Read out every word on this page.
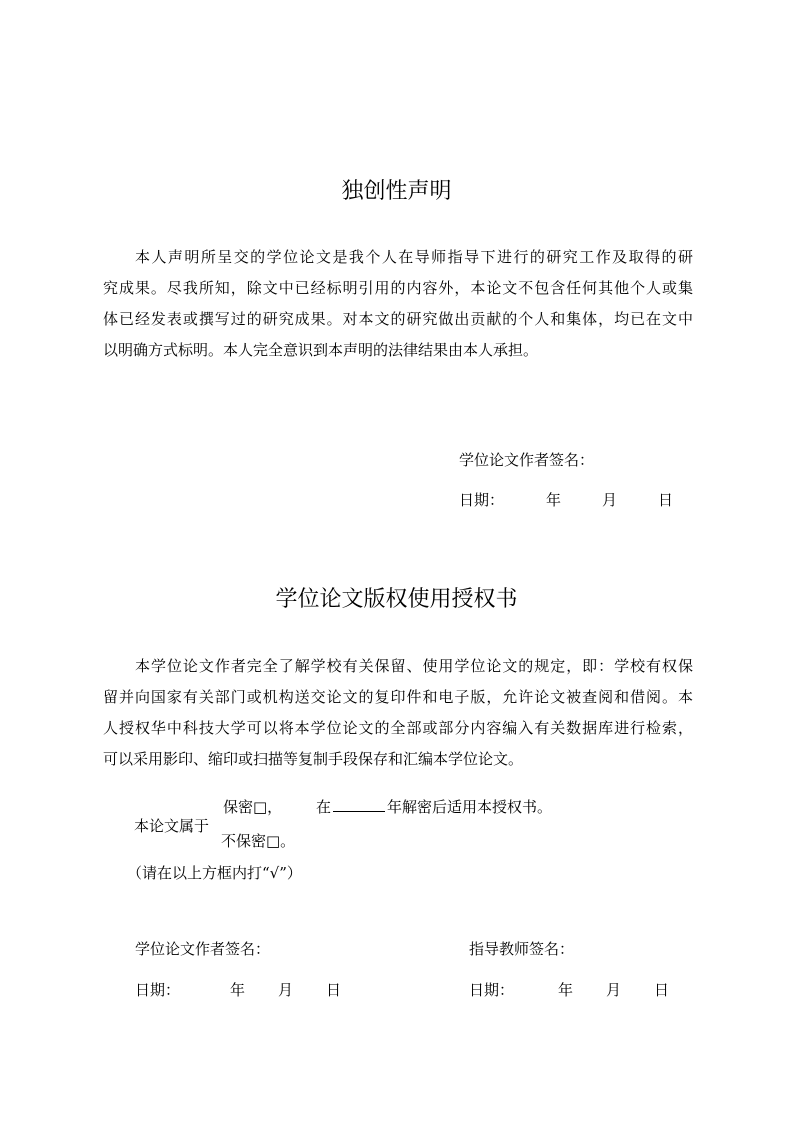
独创性声明
本人声明所呈交的学位论文是我个人在导师指导下进行的研究工作及取得的研
究成果。尽我所知，除文中已经标明引用的内容外，本论文不包含任何其他个人或集
体已经发表或撰写过的研究成果。对本文的研究做出贡献的个人和集体，均已在文中
以明确方式标明。本人完全意识到本声明的法律结果由本人承担。
学位论文作者签名：
日期：	年	月	日
学位论文版权使用授权书
本学位论文作者完全了解学校有关保留、使用学位论文的规定，即：学校有权保
留并向国家有关部门或机构送交论文的复印件和电子版，允许论文被查阅和借阅。本
人授权华中科技大学可以将本学位论文的全部或部分内容编入有关数据库进行检索，
可以采用影印、缩印或扫描等复制手段保存和汇编本学位论文。
保密□， 在	年解密后适用本授权书。
本论文属于
不保密□。
（请在以上方框内打“√”）
学位论文作者签名：	指导教师签名：
日期：	年 月 日	日期：	年 月 日
